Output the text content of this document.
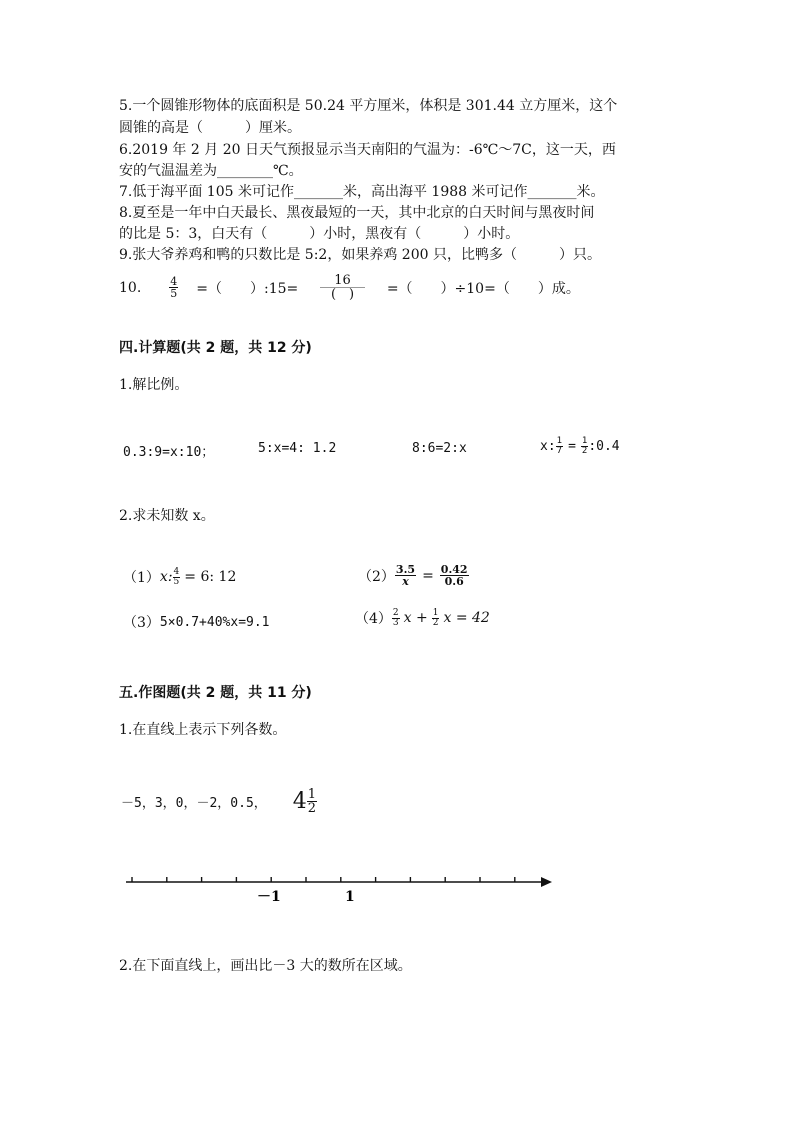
5.一个圆锥形物体的底面积是 50.24 平方厘米，体积是 301.44 立方厘米，这个
圆锥的高是（　　　）厘米。
6.2019 年 2 月 20 日天气预报显示当天南阳的气温为：-6℃～7C，这一天，西
安的气温温差为________℃。
7.低于海平面 105 米可记作_______米，高出海平 1988 米可记作_______米。
8.夏至是一年中白天最长、黑夜最短的一天，其中北京的白天时间与黑夜时间
的比是 5：3，白天有（　　　）小时，黑夜有（　　　）小时。
9.张大爷养鸡和鸭的只数比是 5:2，如果养鸡 200 只，比鸭多（　　　）只。
10.	$\frac{4}{5}$ =（　　）:15= $\frac{16}{( )}$ =（　　）÷10=（　　）成。
四.计算题(共 2 题，共 12 分)
1.解比例。
0.3:9=x:10；	5:x=4: 1.2	8:6=2:x	x: $\frac{1}{7} = \frac{1}{2}$ :0.4
2.求未知数 x。
（1） x: $\frac{4}{5} = 6$: 12	$(2) \frac{3.5}{x} = \frac{0.42}{0.6}$
（3） 5×0.7+40%x=9.1	$(4) \frac{2}{3}$ $x + \frac{1}{2}$ x = 42
五.作图题(共 2 题，共 11 分)
1.在直线上表示下列各数。
－5，3，0，－2，0.5， $4 \frac{1}{2}$
－1	1
2.在下面直线上，画出比－3 大的数所在区域。
